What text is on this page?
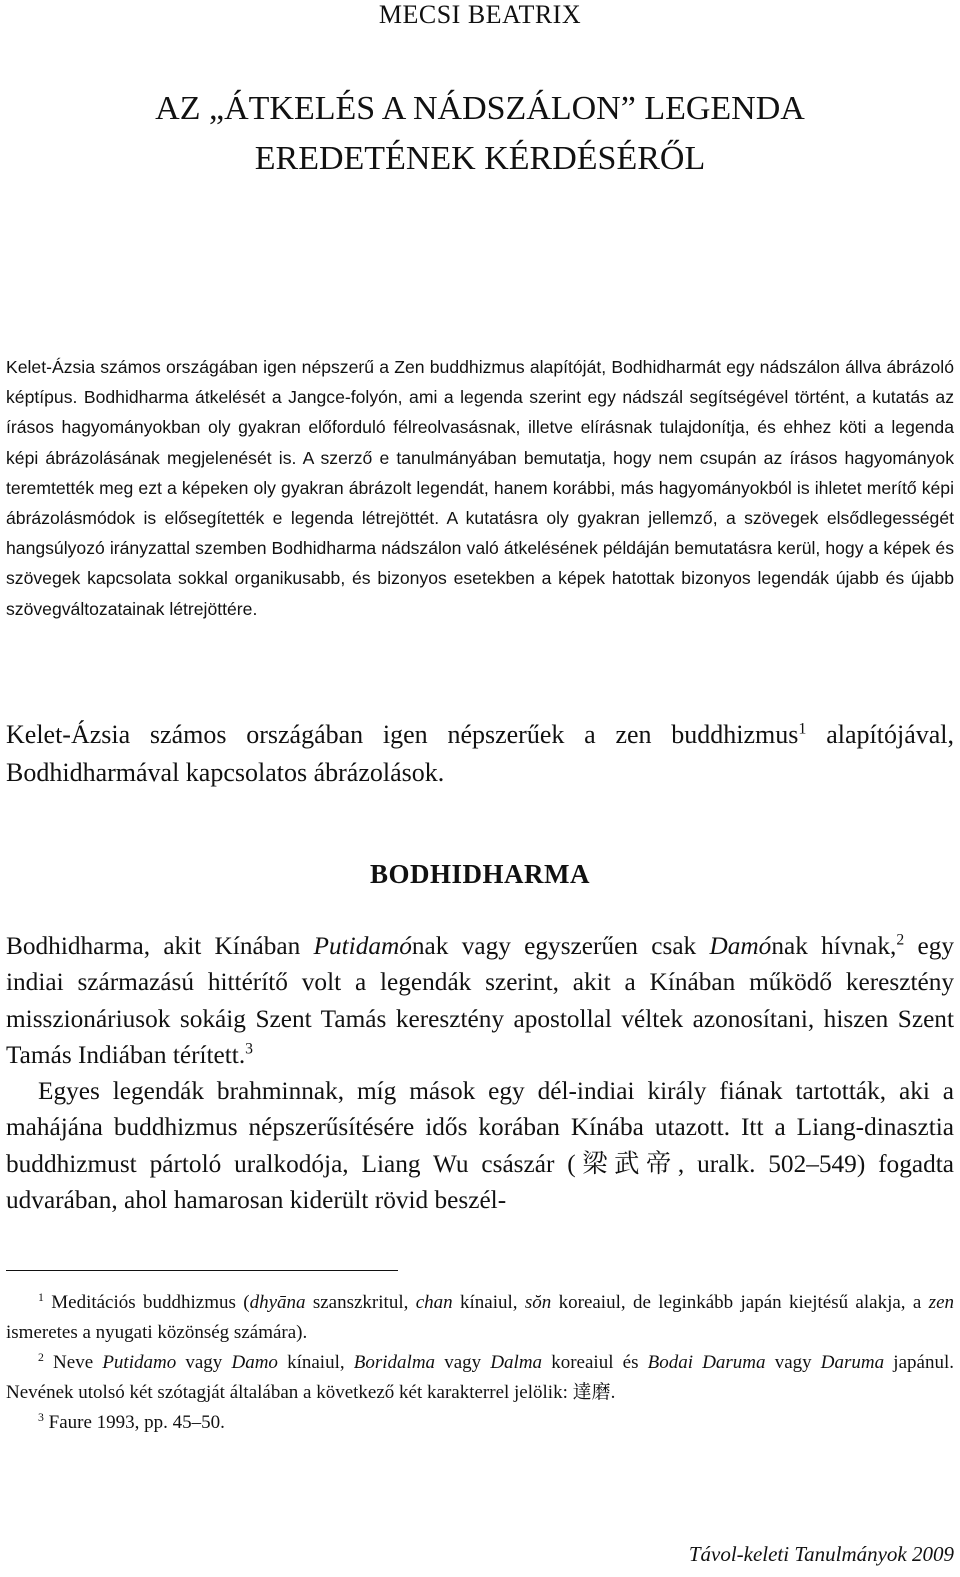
MECSI BEATRIX
AZ „ÁTKELÉS A NÁDSZÁLON” LEGENDA
EREDETÉNEK KÉRDÉSÉRŐL
Kelet-Ázsia számos országában igen népszerű a Zen buddhizmus alapítóját, Bodhidharmát egy nádszálon állva ábrázoló képtípus. Bodhidharma átkelését a Jangce-folyón, ami a legenda szerint egy nádszál segítségével történt, a kutatás az írásos hagyományokban oly gyakran előforduló félreolvasásnak, illetve elírásnak tulajdonítja, és ehhez köti a legenda képi ábrázolásának megjelenését is. A szerző e tanulmányában bemutatja, hogy nem csupán az írásos hagyományok teremtették meg ezt a képeken oly gyakran ábrázolt legendát, hanem korábbi, más hagyományokból is ihletet merítő képi ábrázolásmódok is elősegítették e legenda létrejöttét. A kutatásra oly gyakran jellemző, a szövegek elsődlegességét hangsúlyozó irányzattal szemben Bodhidharma nádszálon való átkelésének példáján bemutatásra kerül, hogy a képek és szövegek kapcsolata sokkal organikusabb, és bizonyos esetekben a képek hatottak bizonyos legendák újabb és újabb szövegváltozatainak létrejöttére.
Kelet-Ázsia számos országában igen népszerűek a zen buddhizmus$^1$ alapítójával, Bodhidharmával kapcsolatos ábrázolások.
BODHIDHARMA

Bodhidharma, akit Kínában Putidamónak vagy egyszerűen csak Damónak hívnak,$^2$ egy indiai származású hittérítő volt a legendák szerint, akit a Kínában működő keresztény misszionáriusok sokáig Szent Tamás keresztény apostollal véltek azonosítani, hiszen Szent Tamás Indiában térített.$^3$

Egyes legendák brahminnak, míg mások egy dél-indiai király fiának tartották, aki a mahájána buddhizmus népszerűsítésére idős korában Kínába utazott. Itt a Liang-dinasztia buddhizmust pártoló uralkodója, Liang Wu császár (梁武帝, uralk. 502–549) fogadta udvarában, ahol hamarosan kiderült rövid beszél-

$^1$ Meditációs buddhizmus (dhyāna szanszkritul, chan kínaiul, sŏn koreaiul, de leginkább japán kiejtésű alakja, a zen ismeretes a nyugati közönség számára).

$^2$ Neve Putidamo vagy Damo kínaiul, Boridalma vagy Dalma koreaiul és Bodai Daruma vagy Daruma japánul. Nevének utolsó két szótagját általában a következő két karakterrel jelölik: 達磨.

$^3$ Faure 1993, pp. 45–50.

Távol-keleti Tanulmányok 2009
